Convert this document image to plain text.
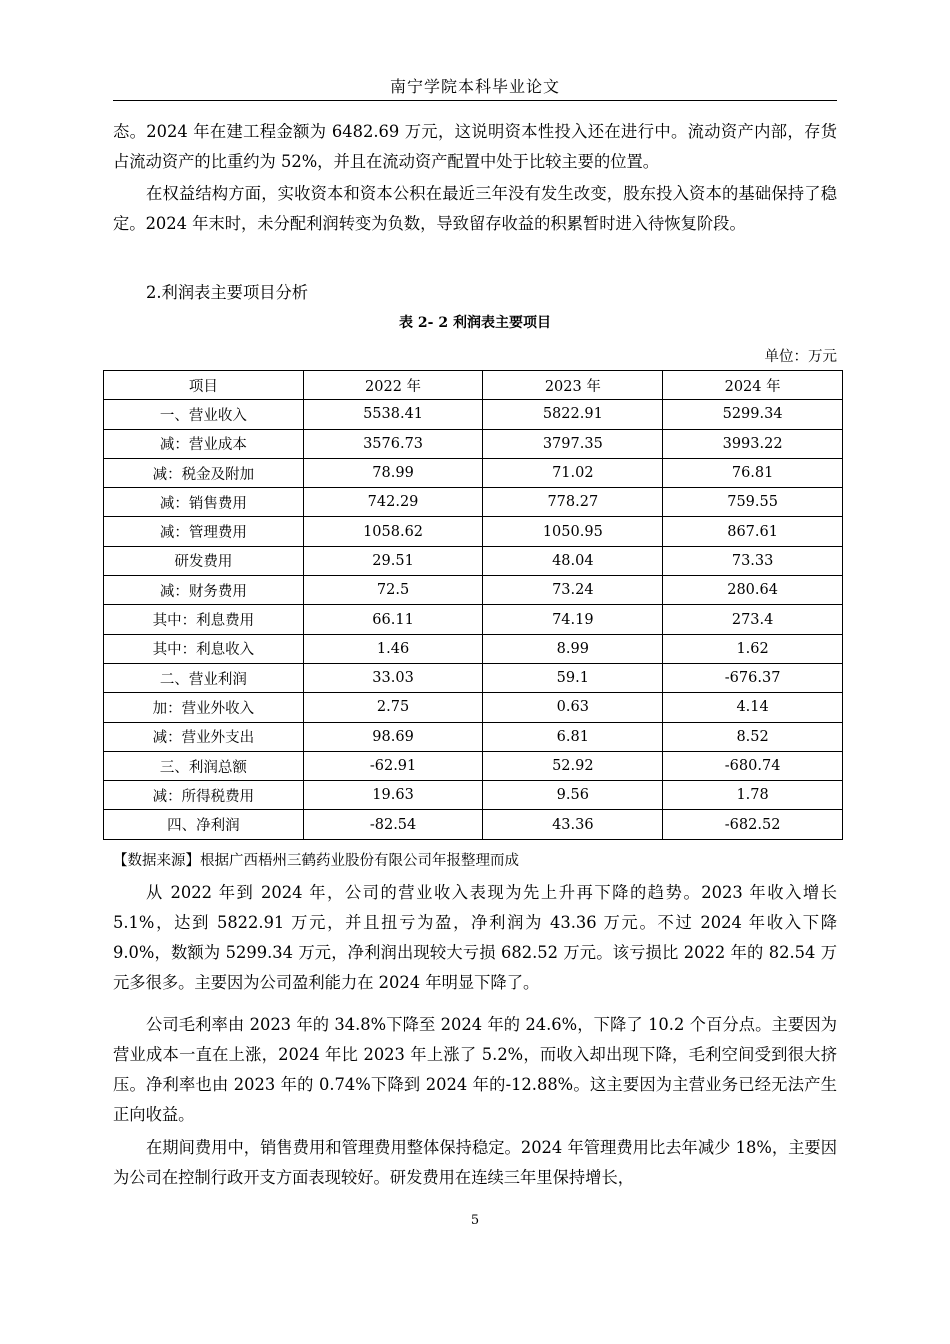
南宁学院本科毕业论文

态。2024 年在建工程金额为 6482.69 万元，这说明资本性投入还在进行中。流动资产内部，存货占流动资产的比重约为 52%，并且在流动资产配置中处于比较主要的位置。

在权益结构方面，实收资本和资本公积在最近三年没有发生改变，股东投入资本的基础保持了稳定。2024 年末时，未分配利润转变为负数，导致留存收益的积累暂时进入待恢复阶段。

2.利润表主要项目分析
表 2- 2 利润表主要项目
单位：万元
项目	2022 年	2023 年	2024 年
一、营业收入	5538.41	5822.91	5299.34
减：营业成本	3576.73	3797.35	3993.22
减：税金及附加	78.99	71.02	76.81
减：销售费用	742.29	778.27	759.55
减：管理费用	1058.62	1050.95	867.61
研发费用	29.51	48.04	73.33
减：财务费用	72.5	73.24	280.64
其中：利息费用	66.11	74.19	273.4
其中：利息收入	1.46	8.99	1.62
二、营业利润	33.03	59.1	-676.37
加：营业外收入	2.75	0.63	4.14
减：营业外支出	98.69	6.81	8.52
三、利润总额	-62.91	52.92	-680.74
减：所得税费用	19.63	9.56	1.78
四、净利润	-82.54	43.36	-682.52
【数据来源】根据广西梧州三鹤药业股份有限公司年报整理而成

从 2022 年到 2024 年，公司的营业收入表现为先上升再下降的趋势。2023 年收入增长 5.1%，达到 5822.91 万元，并且扭亏为盈，净利润为 43.36 万元。不过 2024 年收入下降 9.0%，数额为 5299.34 万元，净利润出现较大亏损 682.52 万元。该亏损比 2022 年的 82.54 万元多很多。主要因为公司盈利能力在 2024 年明显下降了。

公司毛利率由 2023 年的 34.8%下降至 2024 年的 24.6%，下降了 10.2 个百分点。主要因为营业成本一直在上涨，2024 年比 2023 年上涨了 5.2%，而收入却出现下降，毛利空间受到很大挤压。净利率也由 2023 年的 0.74%下降到 2024 年的-12.88%。这主要因为主营业务已经无法产生正向收益。

在期间费用中，销售费用和管理费用整体保持稳定。2024 年管理费用比去年减少 18%，主要因为公司在控制行政开支方面表现较好。研发费用在连续三年里保持增长，

5
